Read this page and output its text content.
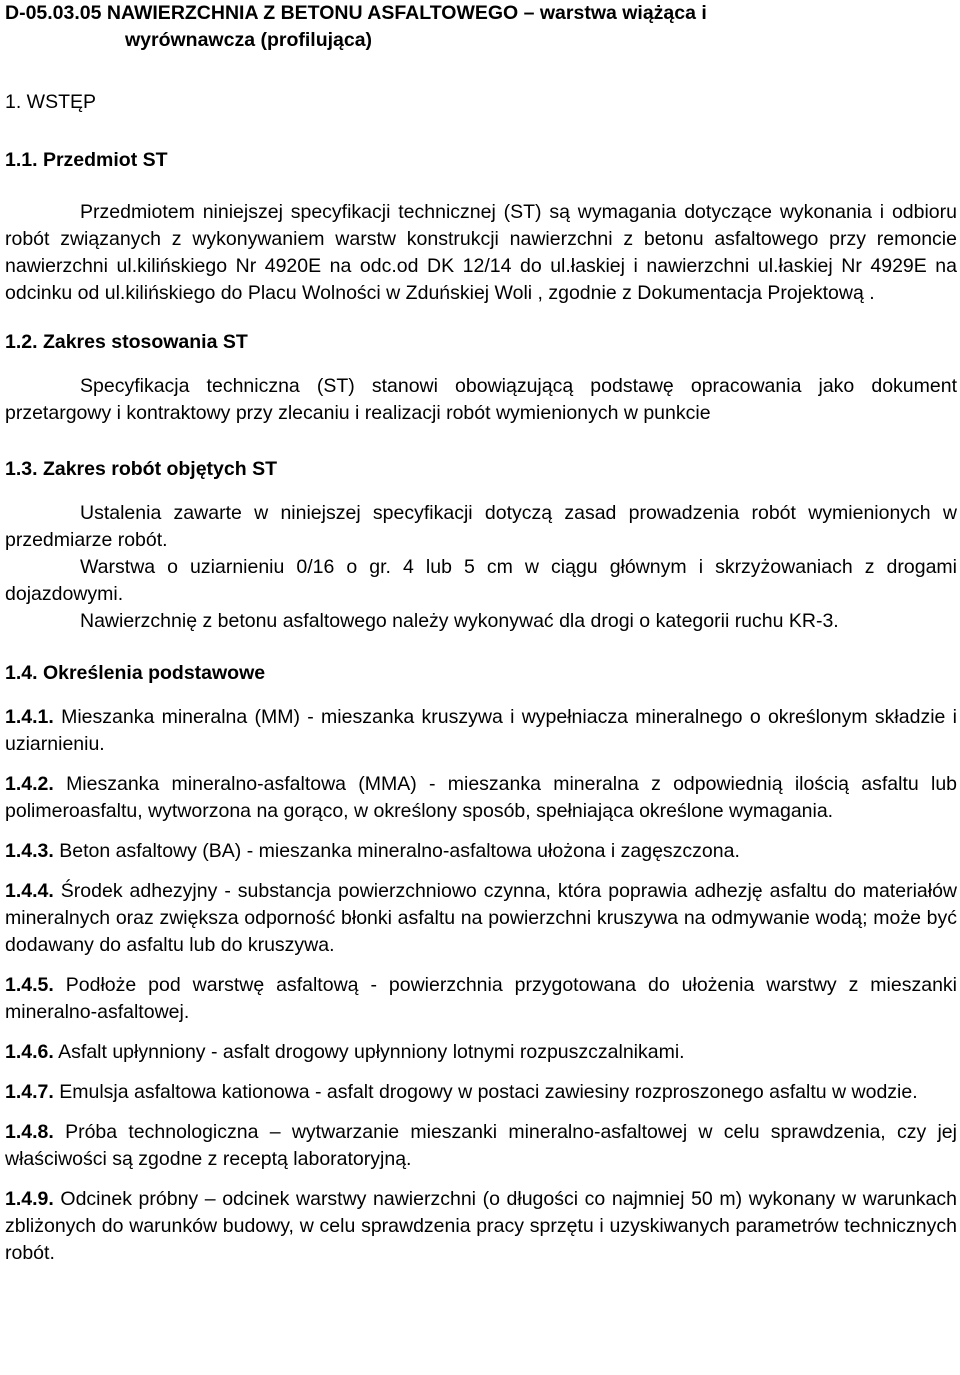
D-05.03.05 NAWIERZCHNIA Z BETONU ASFALTOWEGO – warstwa wiążąca i
wyrównawcza (profilująca)

1. WSTĘP

1.1. Przedmiot ST

Przedmiotem niniejszej specyfikacji technicznej (ST) są wymagania dotyczące wykonania i odbioru robót związanych z wykonywaniem warstw konstrukcji nawierzchni z betonu asfaltowego przy remoncie nawierzchni ul.kilińskiego Nr 4920E na odc.od DK 12/14 do ul.łaskiej i nawierzchni ul.łaskiej Nr 4929E na odcinku od ul.kilińskiego do Placu Wolności w Zduńskiej Woli , zgodnie z Dokumentacja Projektową .

1.2. Zakres stosowania ST

Specyfikacja techniczna (ST) stanowi obowiązującą podstawę opracowania jako dokument przetargowy i kontraktowy przy zlecaniu i realizacji robót wymienionych w punkcie

1.3. Zakres robót objętych ST

Ustalenia zawarte w niniejszej specyfikacji dotyczą zasad prowadzenia robót wymienionych w przedmiarze robót.

Warstwa o uziarnieniu 0/16 o gr. 4 lub 5 cm w ciągu głównym i skrzyżowaniach z drogami dojazdowymi.

Nawierzchnię z betonu asfaltowego należy wykonywać dla drogi o kategorii ruchu KR-3.

1.4. Określenia podstawowe

1.4.1. Mieszanka mineralna (MM) - mieszanka kruszywa i wypełniacza mineralnego o określonym składzie i uziarnieniu.

1.4.2. Mieszanka mineralno-asfaltowa (MMA) - mieszanka mineralna z odpowiednią ilością asfaltu lub polimeroasfaltu, wytworzona na gorąco, w określony sposób, spełniająca określone wymagania.

1.4.3. Beton asfaltowy (BA) - mieszanka mineralno-asfaltowa ułożona i zagęszczona.

1.4.4. Środek adhezyjny - substancja powierzchniowo czynna, która poprawia adhezję asfaltu do materiałów mineralnych oraz zwiększa odporność błonki asfaltu na powierzchni kruszywa na odmywanie wodą; może być dodawany do asfaltu lub do kruszywa.

1.4.5. Podłoże pod warstwę asfaltową - powierzchnia przygotowana do ułożenia warstwy z mieszanki mineralno-asfaltowej.

1.4.6. Asfalt upłynniony - asfalt drogowy upłynniony lotnymi rozpuszczalnikami.

1.4.7. Emulsja asfaltowa kationowa - asfalt drogowy w postaci zawiesiny rozproszonego asfaltu w wodzie.

1.4.8. Próba technologiczna – wytwarzanie mieszanki mineralno-asfaltowej w celu sprawdzenia, czy jej właściwości są zgodne z receptą laboratoryjną.

1.4.9. Odcinek próbny – odcinek warstwy nawierzchni (o długości co najmniej 50 m) wykonany w warunkach zbliżonych do warunków budowy, w celu sprawdzenia pracy sprzętu i uzyskiwanych parametrów technicznych robót.
